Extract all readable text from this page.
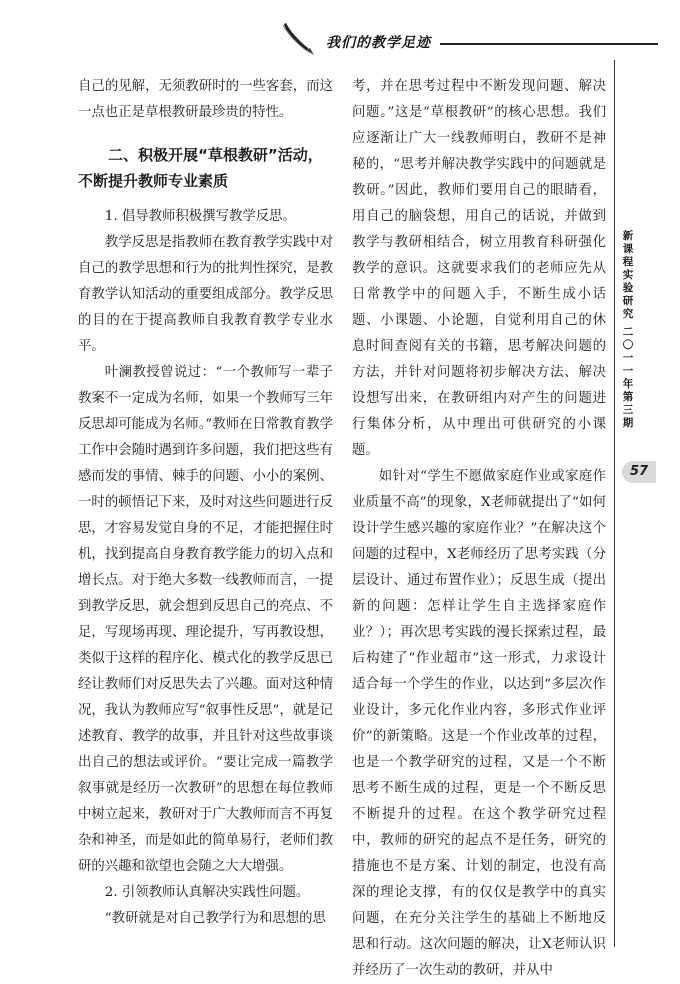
我们的教学足迹

自己的见解，无须教研时的一些客套，而这一点也正是草根教研最珍贵的特性。

二、积极开展“草根教研”活动，
不断提升教师专业素质

1. 倡导教师积极撰写教学反思。

教学反思是指教师在教育教学实践中对自己的教学思想和行为的批判性探究，是教育教学认知活动的重要组成部分。教学反思的目的在于提高教师自我教育教学专业水平。

叶澜教授曾说过：“一个教师写一辈子教案不一定成为名师，如果一个教师写三年反思却可能成为名师。”教师在日常教育教学工作中会随时遇到许多问题，我们把这些有感而发的事情、棘手的问题、小小的案例、一时的顿悟记下来，及时对这些问题进行反思，才容易发觉自身的不足，才能把握住时机，找到提高自身教育教学能力的切入点和增长点。对于绝大多数一线教师而言，一提到教学反思，就会想到反思自己的亮点、不足，写现场再现、理论提升，写再教设想，类似于这样的程序化、模式化的教学反思已经让教师们对反思失去了兴趣。面对这种情况，我认为教师应写“叙事性反思”，就是记述教育、教学的故事，并且针对这些故事谈出自己的想法或评价。“要让完成一篇教学叙事就是经历一次教研”的思想在每位教师中树立起来，教研对于广大教师而言不再复杂和神圣，而是如此的简单易行，老师们教研的兴趣和欲望也会随之大大增强。

2. 引领教师认真解决实践性问题。

“教研就是对自己教学行为和思想的思

考，并在思考过程中不断发现问题、解决问题。”这是“草根教研”的核心思想。我们应逐渐让广大一线教师明白，教研不是神秘的，“思考并解决教学实践中的问题就是教研。”因此，教师们要用自己的眼睛看，用自己的脑袋想，用自己的话说，并做到教学与教研相结合，树立用教育科研强化教学的意识。这就要求我们的老师应先从日常教学中的问题入手，不断生成小话题、小课题、小论题，自觉利用自己的休息时间查阅有关的书籍，思考解决问题的方法，并针对问题将初步解决方法、解决设想写出来，在教研组内对产生的问题进行集体分析，从中理出可供研究的小课题。

如针对“学生不愿做家庭作业或家庭作业质量不高”的现象，X老师就提出了“如何设计学生感兴趣的家庭作业？”在解决这个问题的过程中，X老师经历了思考实践（分层设计、通过布置作业）；反思生成（提出新的问题：怎样让学生自主选择家庭作业？）；再次思考实践的漫长探索过程，最后构建了“作业超市”这一形式，力求设计适合每一个学生的作业，以达到“多层次作业设计，多元化作业内容，多形式作业评价”的新策略。这是一个作业改革的过程，也是一个教学研究的过程，又是一个不断思考不断生成的过程，更是一个不断反思不断提升的过程。在这个教学研究过程中，教师的研究的起点不是任务，研究的措施也不是方案、计划的制定，也没有高深的理论支撑，有的仅仅是教学中的真实问题，在充分关注学生的基础上不断地反思和行动。这次问题的解决，让X老师认识并经历了一次生动的教研，并从中

新课程实验研究
二〇一一年第三期
57
